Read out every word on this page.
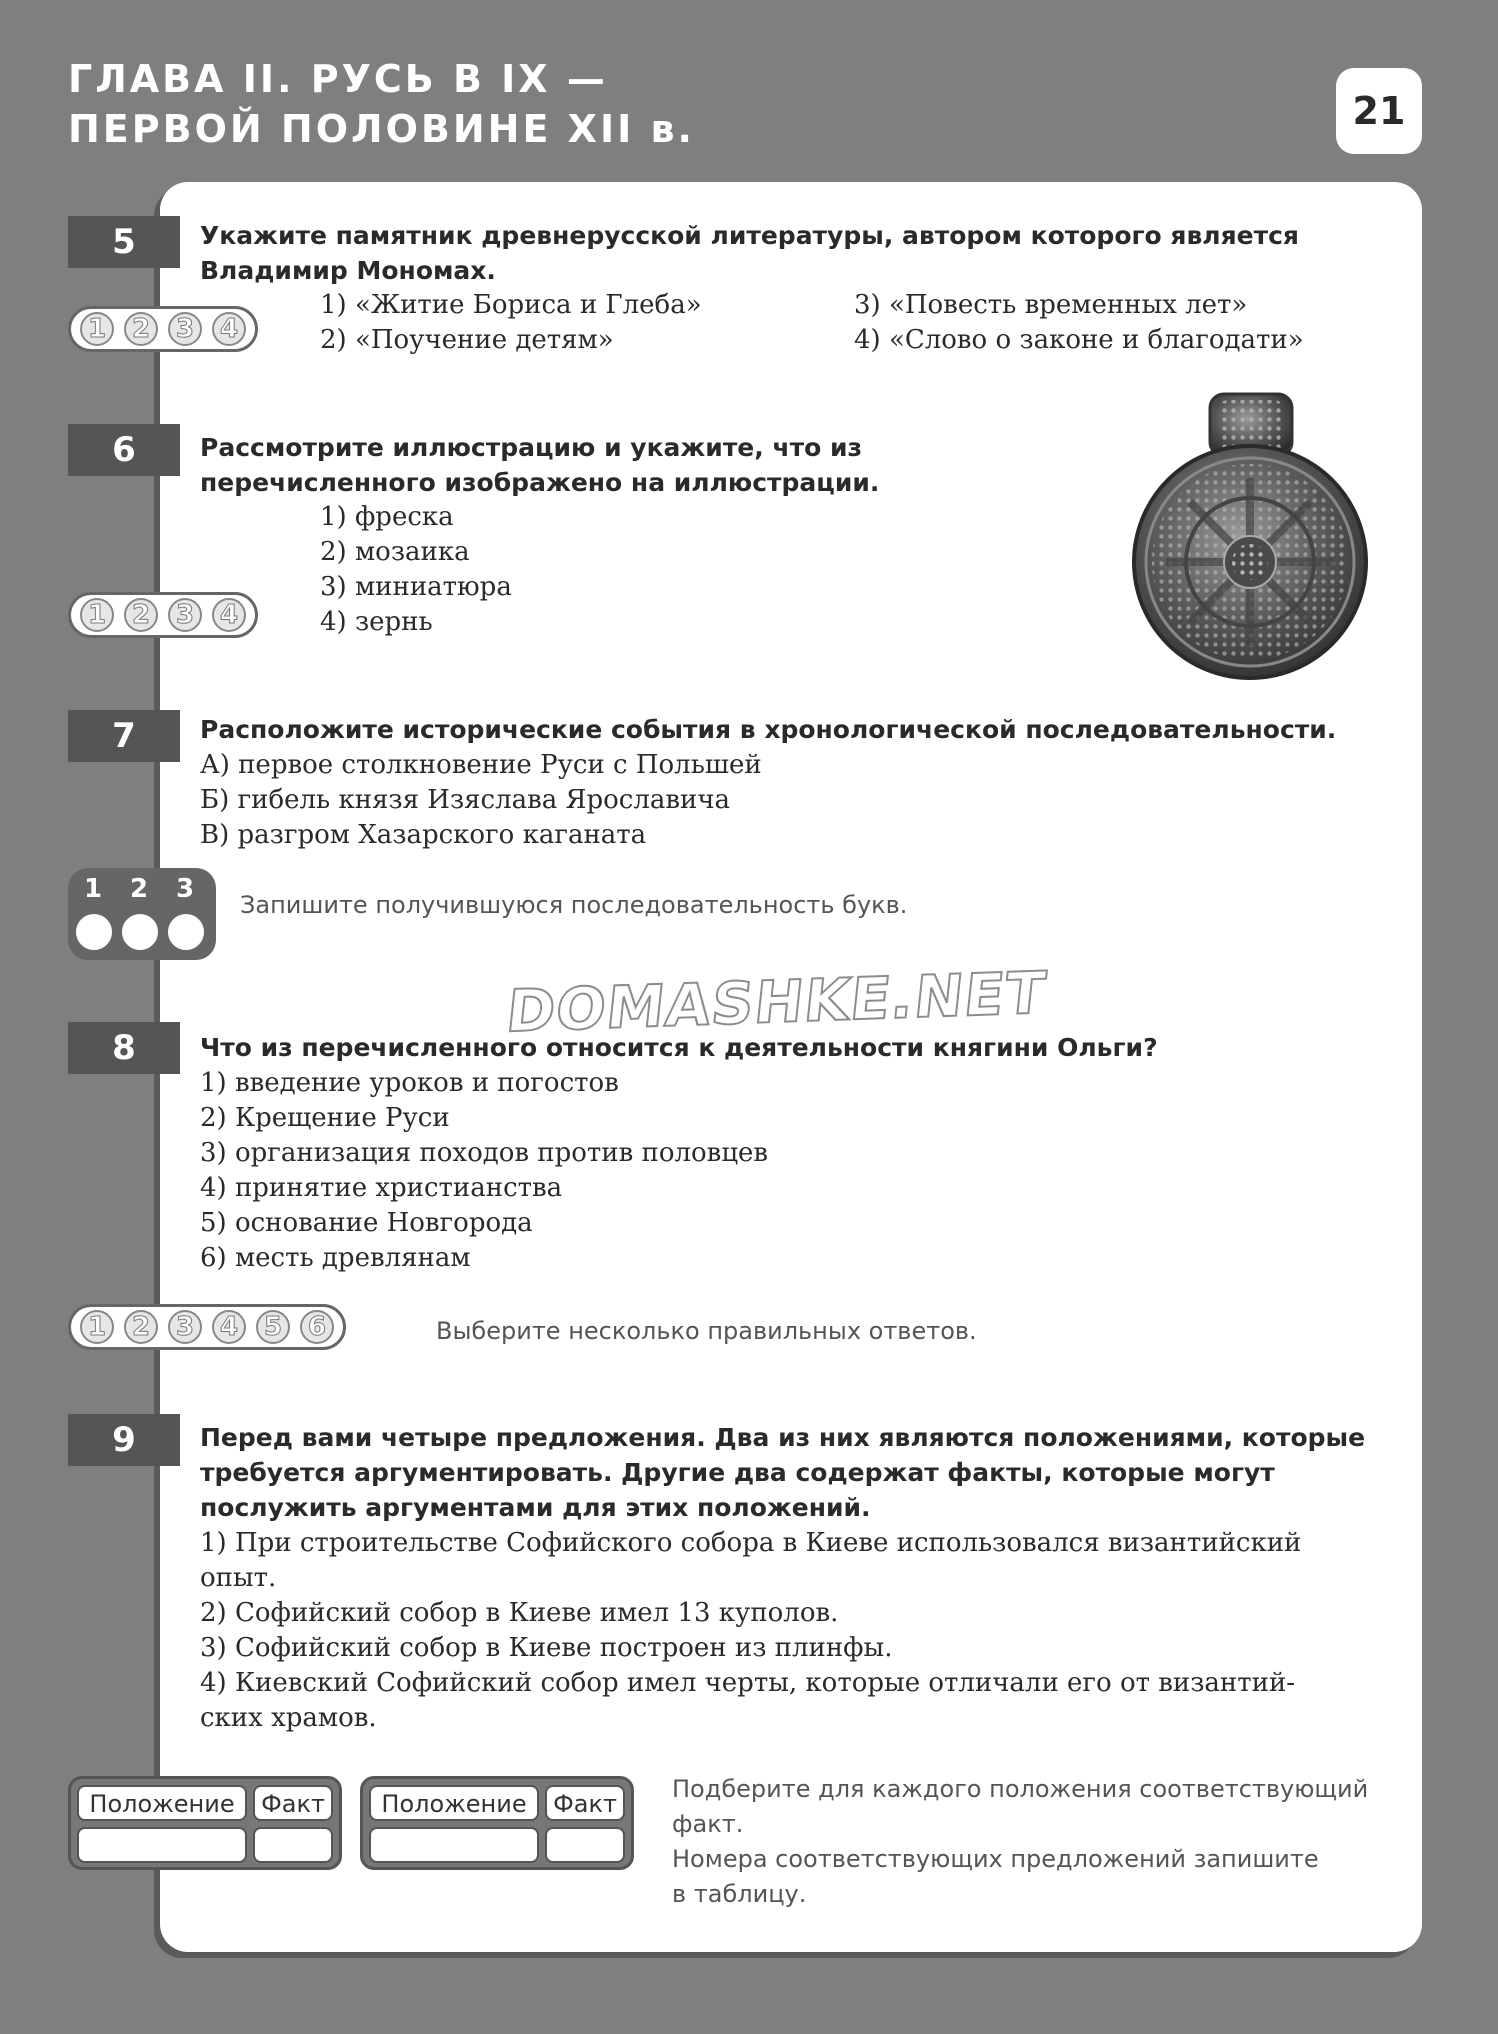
ГЛАВА II. РУСЬ В IX —
ПЕРВОЙ ПОЛОВИНЕ XII в.	21
5	Укажите памятник древнерусской литературы, автором которого является Владимир Мономах.
1) «Житие Бориса и Глеба»
2) «Поучение детям»
3) «Повесть временных лет»
4) «Слово о законе и благодати»
1 2 3 4
6	Рассмотрите иллюстрацию и укажите, что из
перечисленного изображено на иллюстрации.
1) фреска
2) мозаика
3) миниатюра
4) зернь
1 2 3 4
7	Расположите исторические события в хронологической последовательности.
А) первое столкновение Руси с Польшей
Б) гибель князя Изяслава Ярославича
В) разгром Хазарского каганата
1 2 3
Запишите получившуюся последовательность букв.
DOMASHKE.NET
8	Что из перечисленного относится к деятельности княгини Ольги?
1) введение уроков и погостов
2) Крещение Руси
3) организация походов против половцев
4) принятие христианства
5) основание Новгорода
6) месть древлянам
1 2 3 4 5 6	Выберите несколько правильных ответов.
9	Перед вами четыре предложения. Два из них являются положениями, которые требуется аргументировать. Другие два содержат факты, которые могут послужить аргументами для этих положений.
1) При строительстве Софийского собора в Киеве использовался византийский
опыт.
2) Софийский собор в Киеве имел 13 куполов.
3) Софийский собор в Киеве построен из плинфы.
4) Киевский Софийский собор имел черты, которые отличали его от византий-
ских храмов.
Положение	Факт	Положение	Факт
Подберите для каждого положения соответствующий
факт.
Номера соответствующих предложений запишите
в таблицу.
